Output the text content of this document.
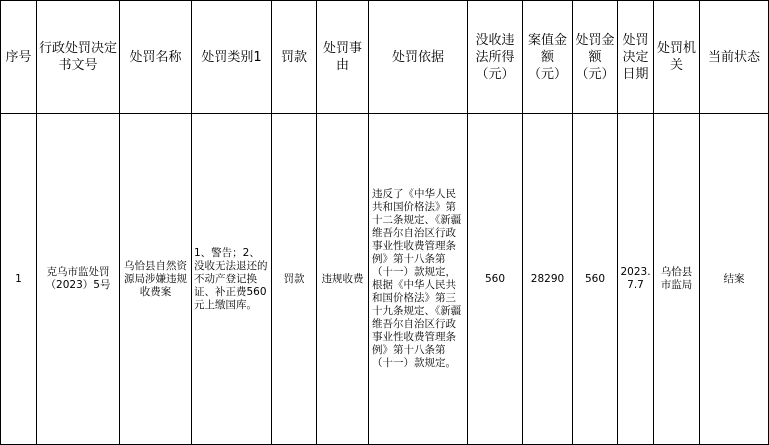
序号	行政处罚决定书文号	处罚名称	处罚类别1	罚款	处罚事由	处罚依据	没收违法所得（元）	案值金额（元）	处罚金额（元）	处罚决定日期	处罚机关	当前状态
1	克乌市监处罚（2023）5号	乌恰县自然资源局涉嫌违规收费案	1、警告；2、没收无法退还的不动产登记换证、补正费560元上缴国库。	罚款	违规收费	违反了《中华人民共和国价格法》第十二条规定、《新疆维吾尔自治区行政事业性收费管理条例》第十八条第（十一）款规定，根据《中华人民共和国价格法》第三十九条规定、《新疆维吾尔自治区行政事业性收费管理条例》第十八条第（十一）款规定。	560	28290	560	2023.7.7	乌恰县市监局	结案
